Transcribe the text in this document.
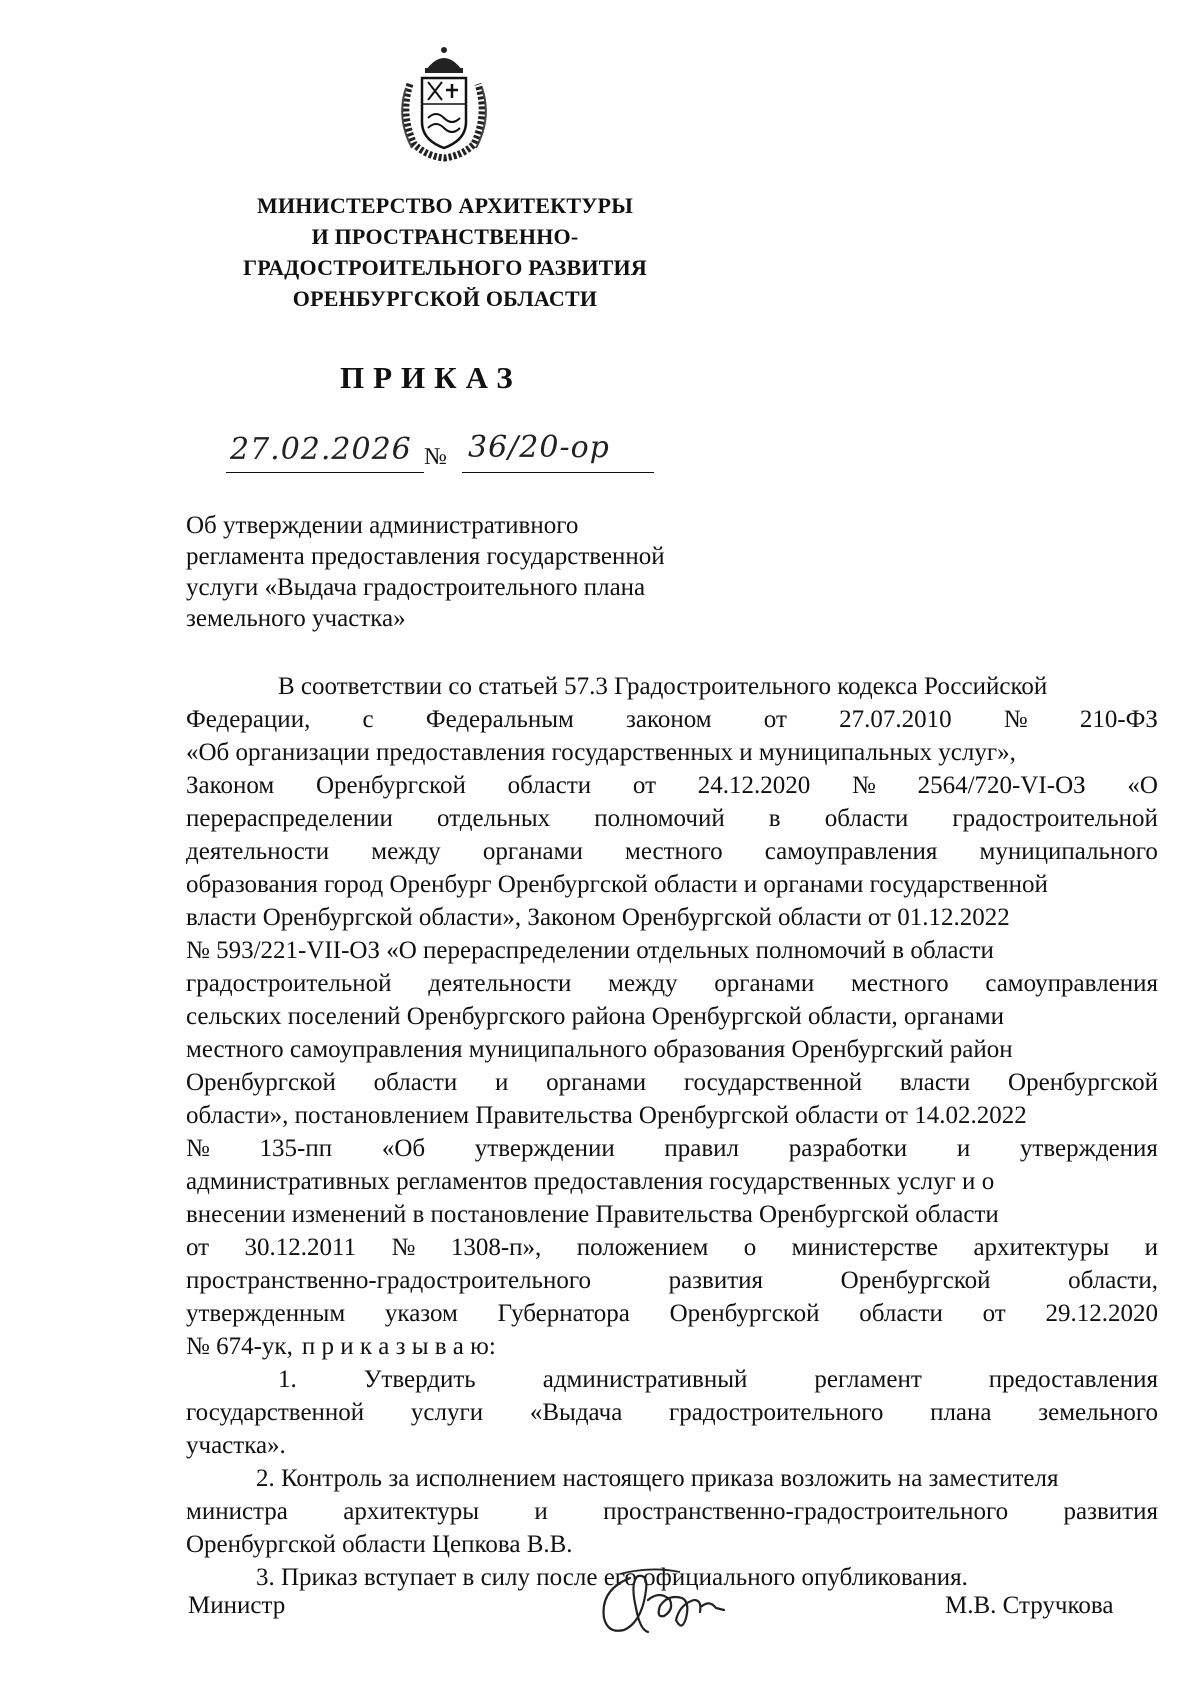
МИНИСТЕРСТВО АРХИТЕКТУРЫ
И ПРОСТРАНСТВЕННО-
ГРАДОСТРОИТЕЛЬНОГО РАЗВИТИЯ
ОРЕНБУРГСКОЙ ОБЛАСТИ
ПРИКАЗ
27.02.2026 № 36/20-ор
Об утверждении административного
регламента предоставления государственной
услуги «Выдача градостроительного плана
земельного участка»
В соответствии со статьей 57.3 Градостроительного кодекса Российской
Федерации, с Федеральным законом от 27.07.2010 № 210-ФЗ
«Об организации предоставления государственных и муниципальных услуг»,
Законом Оренбургской области от 24.12.2020 № 2564/720-VI-ОЗ «О
перераспределении отдельных полномочий в области градостроительной
деятельности между органами местного самоуправления муниципального
образования город Оренбург Оренбургской области и органами государственной
власти Оренбургской области», Законом Оренбургской области от 01.12.2022
№ 593/221-VII-ОЗ «О перераспределении отдельных полномочий в области
градостроительной деятельности между органами местного самоуправления
сельских поселений Оренбургского района Оренбургской области, органами
местного самоуправления муниципального образования Оренбургский район
Оренбургской области и органами государственной власти Оренбургской
области», постановлением Правительства Оренбургской области от 14.02.2022
№ 135-пп «Об утверждении правил разработки и утверждения
административных регламентов предоставления государственных услуг и о
внесении изменений в постановление Правительства Оренбургской области
от 30.12.2011 № 1308-п», положением о министерстве архитектуры и
пространственно-градостроительного	развития	Оренбургской	области,
утвержденным указом Губернатора Оренбургской области от 29.12.2020
№ 674-ук, п р и к а з ы в а ю:
1.	Утвердить	административный	регламент	предоставления
государственной услуги «Выдача градостроительного плана земельного
участка».
2. Контроль за исполнением настоящего приказа возложить на заместителя
министра архитектуры и пространственно-градостроительного развития
Оренбургской области Цепкова В.В.
3. Приказ вступает в силу после его официального опубликования.
Министр	М.В. Стручкова
